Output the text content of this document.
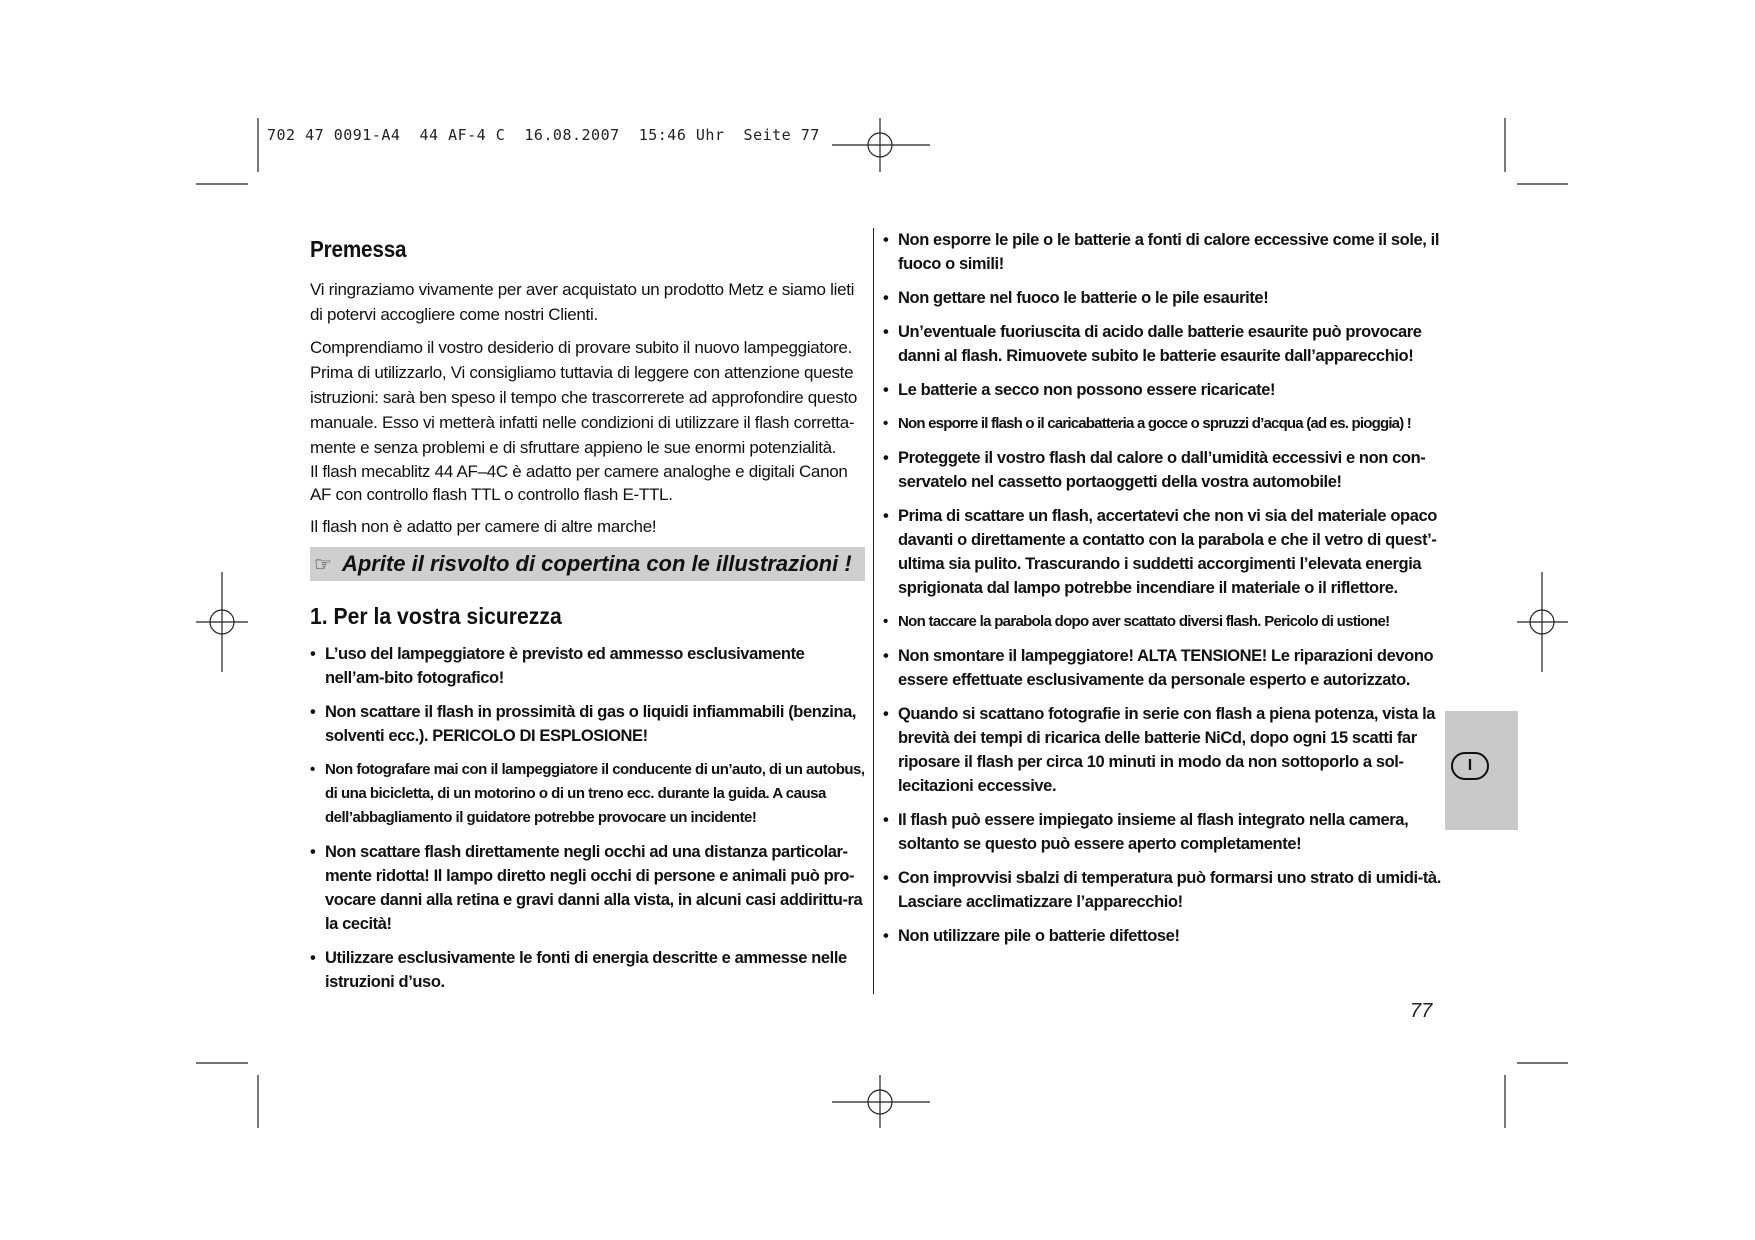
702 47 0091-A4  44 AF-4 C  16.08.2007  15:46 Uhr  Seite 77
Premessa

Vi ringraziamo vivamente per aver acquistato un prodotto Metz e siamo lieti di potervi accogliere come nostri Clienti.

Comprendiamo il vostro desiderio di provare subito il nuovo lampeggiatore. Prima di utilizzarlo, Vi consigliamo tuttavia di leggere con attenzione queste istruzioni: sarà ben speso il tempo che trascorrerete ad approfondire questo manuale. Esso vi metterà infatti nelle condizioni di utilizzare il flash corretta-mente e senza problemi e di sfruttare appieno le sue enormi potenzialità.

Il flash mecablitz 44 AF–4C è adatto per camere analoghe e digitali Canon AF con controllo flash TTL o controllo flash E-TTL.

Il flash non è adatto per camere di altre marche!

☞ Aprite il risvolto di copertina con le illustrazioni !
1. Per la vostra sicurezza
• L’uso del lampeggiatore è previsto ed ammesso esclusivamente nell’am-bito fotografico!
• Non scattare il flash in prossimità di gas o liquidi infiammabili (benzina, solventi ecc.). PERICOLO DI ESPLOSIONE!
• Non fotografare mai con il lampeggiatore il conducente di un’auto, di un autobus, di una bicicletta, di un motorino o di un treno ecc. durante la guida. A causa dell’abbagliamento il guidatore potrebbe provocare un incidente!
• Non scattare flash direttamente negli occhi ad una distanza particolar-mente ridotta! Il lampo diretto negli occhi di persone e animali può pro-vocare danni alla retina e gravi danni alla vista, in alcuni casi addirittu-ra la cecità!
• Utilizzare esclusivamente le fonti di energia descritte e ammesse nelle istruzioni d’uso.
• Non esporre le pile o le batterie a fonti di calore eccessive come il sole, il fuoco o simili!
• Non gettare nel fuoco le batterie o le pile esaurite!
• Un’eventuale fuoriuscita di acido dalle batterie esaurite può provocare danni al flash. Rimuovete subito le batterie esaurite dall’apparecchio!
• Le batterie a secco non possono essere ricaricate!
• Non esporre il flash o il caricabatteria a gocce o spruzzi d’acqua (ad es. pioggia) !
• Proteggete il vostro flash dal calore o dall’umidità eccessivi e non con-servatelo nel cassetto portaoggetti della vostra automobile!
• Prima di scattare un flash, accertatevi che non vi sia del materiale opaco davanti o direttamente a contatto con la parabola e che il vetro di quest’-ultima sia pulito. Trascurando i suddetti accorgimenti l’elevata energia sprigionata dal lampo potrebbe incendiare il materiale o il riflettore.
• Non taccare la parabola dopo aver scattato diversi flash. Pericolo di ustione!
• Non smontare il lampeggiatore! ALTA TENSIONE! Le riparazioni devono essere effettuate esclusivamente da personale esperto e autorizzato.
• Quando si scattano fotografie in serie con flash a piena potenza, vista la brevità dei tempi di ricarica delle batterie NiCd, dopo ogni 15 scatti far riposare il flash per circa 10 minuti in modo da non sottoporlo a sol-lecitazioni eccessive.
• Il flash può essere impiegato insieme al flash integrato nella camera, soltanto se questo può essere aperto completamente!
• Con improvvisi sbalzi di temperatura può formarsi uno strato di umidi-tà. Lasciare acclimatizzare l’apparecchio!
• Non utilizzare pile o batterie difettose!
I
77
